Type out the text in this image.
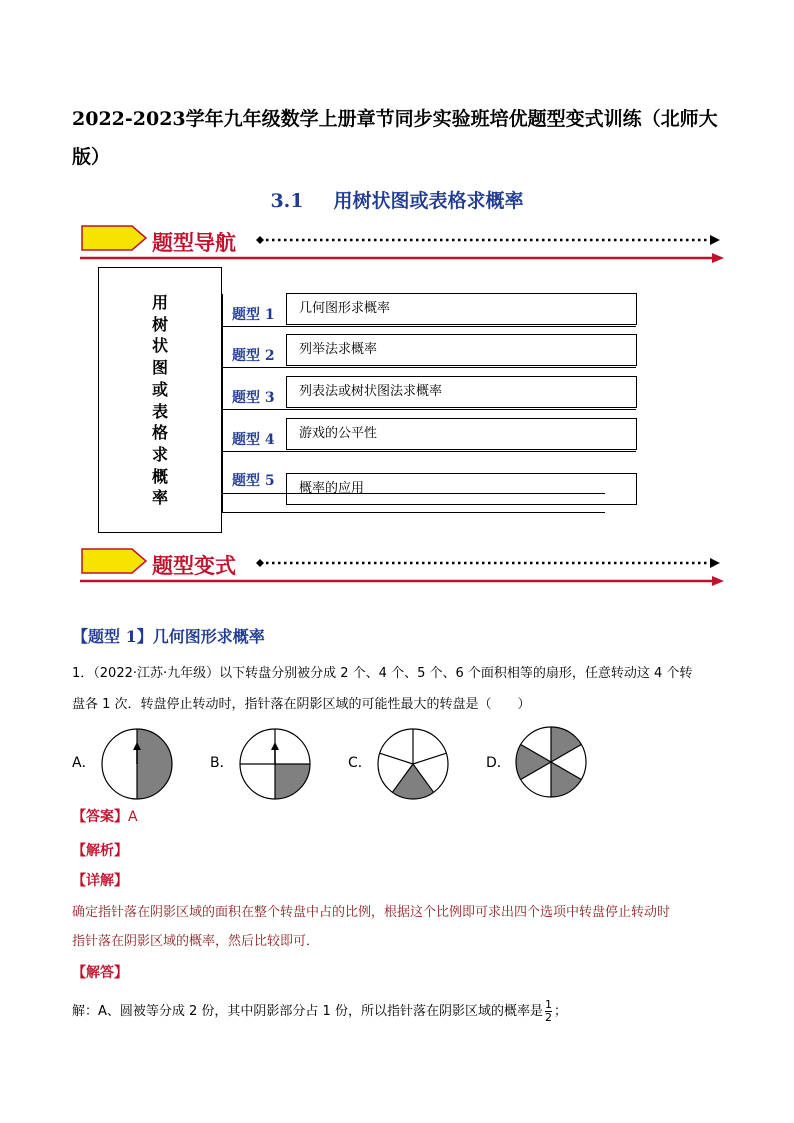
2022-2023学年九年级数学上册章节同步实验班培优题型变式训练（北师大版）
3.1 用树状图或表格求概率
题型导航
用
树
状
图
或
表
格
求
概
率
题型 1	几何图形求概率
题型 2	列举法求概率
题型 3	列表法或树状图法求概率
题型 4	游戏的公平性
题型 5	概率的应用
题型变式
【题型 1】几何图形求概率
1．（2022·江苏·九年级）以下转盘分别被分成 2 个、4 个、5 个、6 个面积相等的扇形，任意转动这 4 个转
盘各 1 次．转盘停止转动时，指针落在阴影区域的可能性最大的转盘是（　　）
A．	B．	C．	D．
【答案】A
【解析】
【详解】
确定指针落在阴影区域的面积在整个转盘中占的比例，根据这个比例即可求出四个选项中转盘停止转动时
指针落在阴影区域的概率，然后比较即可．
【解答】
解：A、圆被等分成 2 份，其中阴影部分占 1 份，所以指针落在阴影区域的概率是 $\frac{1}{2}$ ；
